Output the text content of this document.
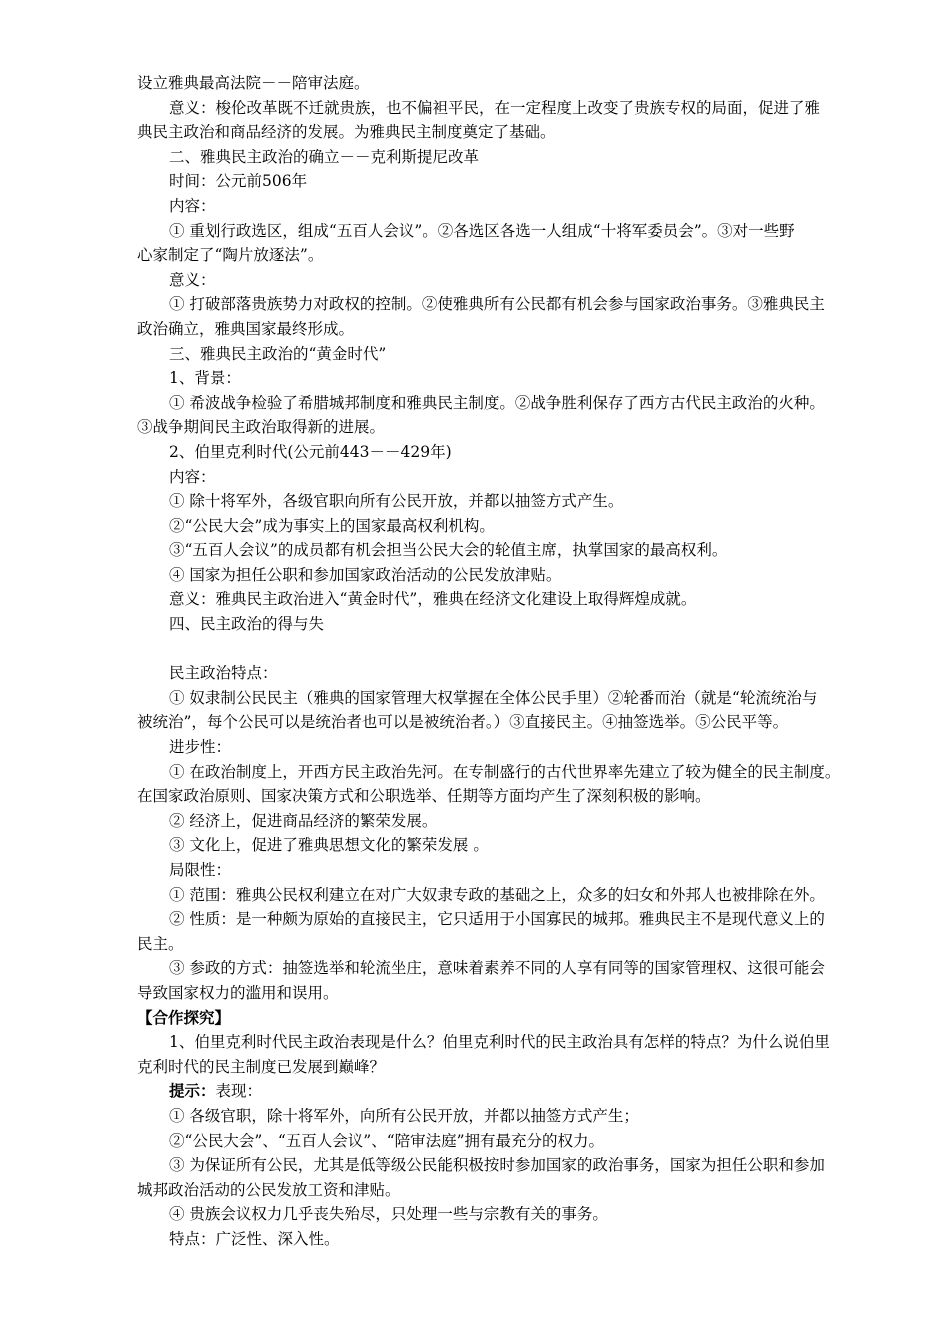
设立雅典最高法院－－陪审法庭。
意义：梭伦改革既不迁就贵族，也不偏袒平民，在一定程度上改变了贵族专权的局面，促进了雅
典民主政治和商品经济的发展。为雅典民主制度奠定了基础。
二、雅典民主政治的确立－－克利斯提尼改革
时间：公元前506年
内容：
① 重划行政选区，组成“五百人会议”。②各选区各选一人组成“十将军委员会”。③对一些野
心家制定了“陶片放逐法”。
意义：
① 打破部落贵族势力对政权的控制。②使雅典所有公民都有机会参与国家政治事务。③雅典民主
政治确立，雅典国家最终形成。
三、雅典民主政治的“黄金时代”
1、背景：
① 希波战争检验了希腊城邦制度和雅典民主制度。②战争胜利保存了西方古代民主政治的火种。
③战争期间民主政治取得新的进展。
2、伯里克利时代(公元前443－－429年)
内容：
① 除十将军外，各级官职向所有公民开放，并都以抽签方式产生。
②“公民大会”成为事实上的国家最高权利机构。
③“五百人会议”的成员都有机会担当公民大会的轮值主席，执掌国家的最高权利。
④ 国家为担任公职和参加国家政治活动的公民发放津贴。
意义：雅典民主政治进入“黄金时代”，雅典在经济文化建设上取得辉煌成就。
四、民主政治的得与失
民主政治特点：
① 奴隶制公民民主（雅典的国家管理大权掌握在全体公民手里）②轮番而治（就是“轮流统治与
被统治”，每个公民可以是统治者也可以是被统治者。）③直接民主。④抽签选举。⑤公民平等。
进步性：
① 在政治制度上，开西方民主政治先河。在专制盛行的古代世界率先建立了较为健全的民主制度。
在国家政治原则、国家决策方式和公职选举、任期等方面均产生了深刻积极的影响。
② 经济上，促进商品经济的繁荣发展。
③ 文化上，促进了雅典思想文化的繁荣发展 。
局限性：
① 范围：雅典公民权利建立在对广大奴隶专政的基础之上，众多的妇女和外邦人也被排除在外。
② 性质：是一种颇为原始的直接民主，它只适用于小国寡民的城邦。雅典民主不是现代意义上的
民主。
③ 参政的方式：抽签选举和轮流坐庄，意味着素养不同的人享有同等的国家管理权、这很可能会
导致国家权力的滥用和误用。
【合作探究】
1、伯里克利时代民主政治表现是什么？伯里克利时代的民主政治具有怎样的特点？为什么说伯里
克利时代的民主制度已发展到巅峰？
提示：表现：
① 各级官职，除十将军外，向所有公民开放，并都以抽签方式产生；
②“公民大会”、“五百人会议”、“陪审法庭”拥有最充分的权力。
③ 为保证所有公民，尤其是低等级公民能积极按时参加国家的政治事务，国家为担任公职和参加
城邦政治活动的公民发放工资和津贴。
④ 贵族会议权力几乎丧失殆尽，只处理一些与宗教有关的事务。
特点：广泛性、深入性。
